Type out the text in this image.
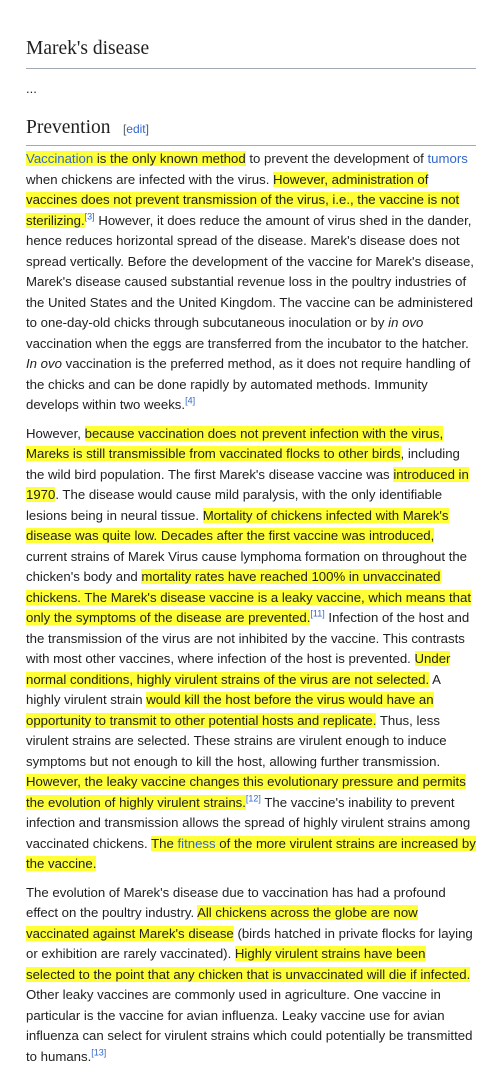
Marek's disease
...
Prevention [edit]

Vaccination is the only known method to prevent the development of tumors when chickens are infected with the virus. However, administration of vaccines does not prevent transmission of the virus, i.e., the vaccine is not sterilizing.[3] However, it does reduce the amount of virus shed in the dander, hence reduces horizontal spread of the disease. Marek's disease does not spread vertically. Before the development of the vaccine for Marek's disease, Marek's disease caused substantial revenue loss in the poultry industries of the United States and the United Kingdom. The vaccine can be administered to one-day-old chicks through subcutaneous inoculation or by in ovo vaccination when the eggs are transferred from the incubator to the hatcher. In ovo vaccination is the preferred method, as it does not require handling of the chicks and can be done rapidly by automated methods. Immunity develops within two weeks.[4]

However, because vaccination does not prevent infection with the virus, Mareks is still transmissible from vaccinated flocks to other birds, including the wild bird population. The first Marek's disease vaccine was introduced in 1970. The disease would cause mild paralysis, with the only identifiable lesions being in neural tissue. Mortality of chickens infected with Marek's disease was quite low. Decades after the first vaccine was introduced, current strains of Marek Virus cause lymphoma formation on throughout the chicken's body and mortality rates have reached 100% in unvaccinated chickens. The Marek's disease vaccine is a leaky vaccine, which means that only the symptoms of the disease are prevented.[11] Infection of the host and the transmission of the virus are not inhibited by the vaccine. This contrasts with most other vaccines, where infection of the host is prevented. Under normal conditions, highly virulent strains of the virus are not selected. A highly virulent strain would kill the host before the virus would have an opportunity to transmit to other potential hosts and replicate. Thus, less virulent strains are selected. These strains are virulent enough to induce symptoms but not enough to kill the host, allowing further transmission. However, the leaky vaccine changes this evolutionary pressure and permits the evolution of highly virulent strains.[12] The vaccine's inability to prevent infection and transmission allows the spread of highly virulent strains among vaccinated chickens. The fitness of the more virulent strains are increased by the vaccine.

The evolution of Marek's disease due to vaccination has had a profound effect on the poultry industry. All chickens across the globe are now vaccinated against Marek's disease (birds hatched in private flocks for laying or exhibition are rarely vaccinated). Highly virulent strains have been selected to the point that any chicken that is unvaccinated will die if infected. Other leaky vaccines are commonly used in agriculture. One vaccine in particular is the vaccine for avian influenza. Leaky vaccine use for avian influenza can select for virulent strains which could potentially be transmitted to humans.[13]
